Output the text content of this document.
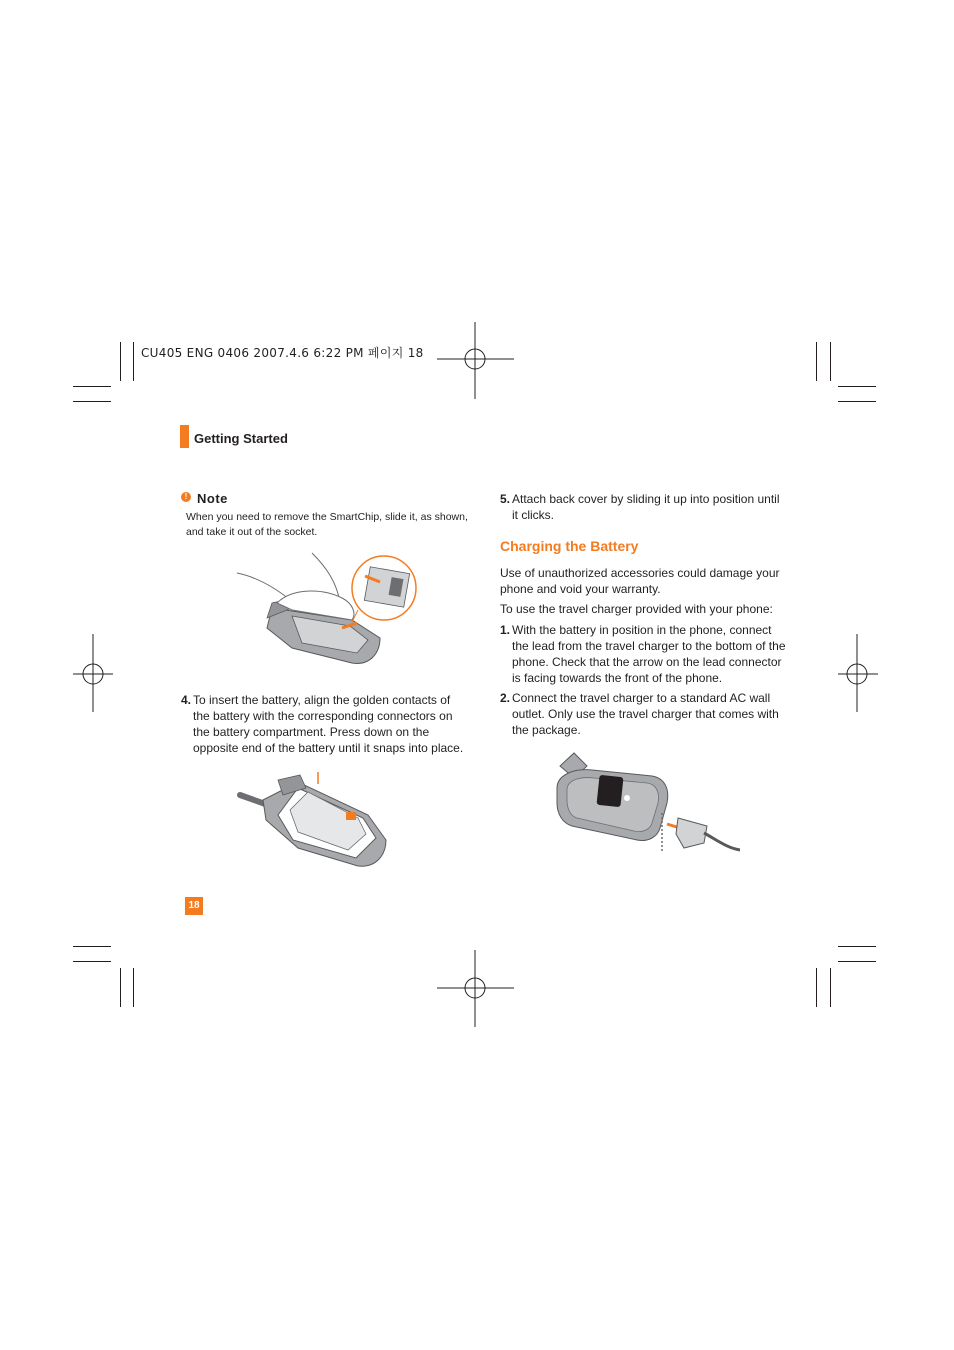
CU405 ENG 0406 2007.4.6 6:22 PM 페이지 18
Getting Started
! Note
When you need to remove the SmartChip, slide it, as shown, and take it out of the socket.
4. To insert the battery, align the golden contacts of the battery with the corresponding connectors on the battery compartment. Press down on the opposite end of the battery until it snaps into place.
18
5. Attach back cover by sliding it up into position until it clicks.
Charging the Battery
Use of unauthorized accessories could damage your phone and void your warranty.
To use the travel charger provided with your phone:
1. With the battery in position in the phone, connect the lead from the travel charger to the bottom of the phone. Check that the arrow on the lead connector is facing towards the front of the phone.
2. Connect the travel charger to a standard AC wall outlet. Only use the travel charger that comes with the package.
